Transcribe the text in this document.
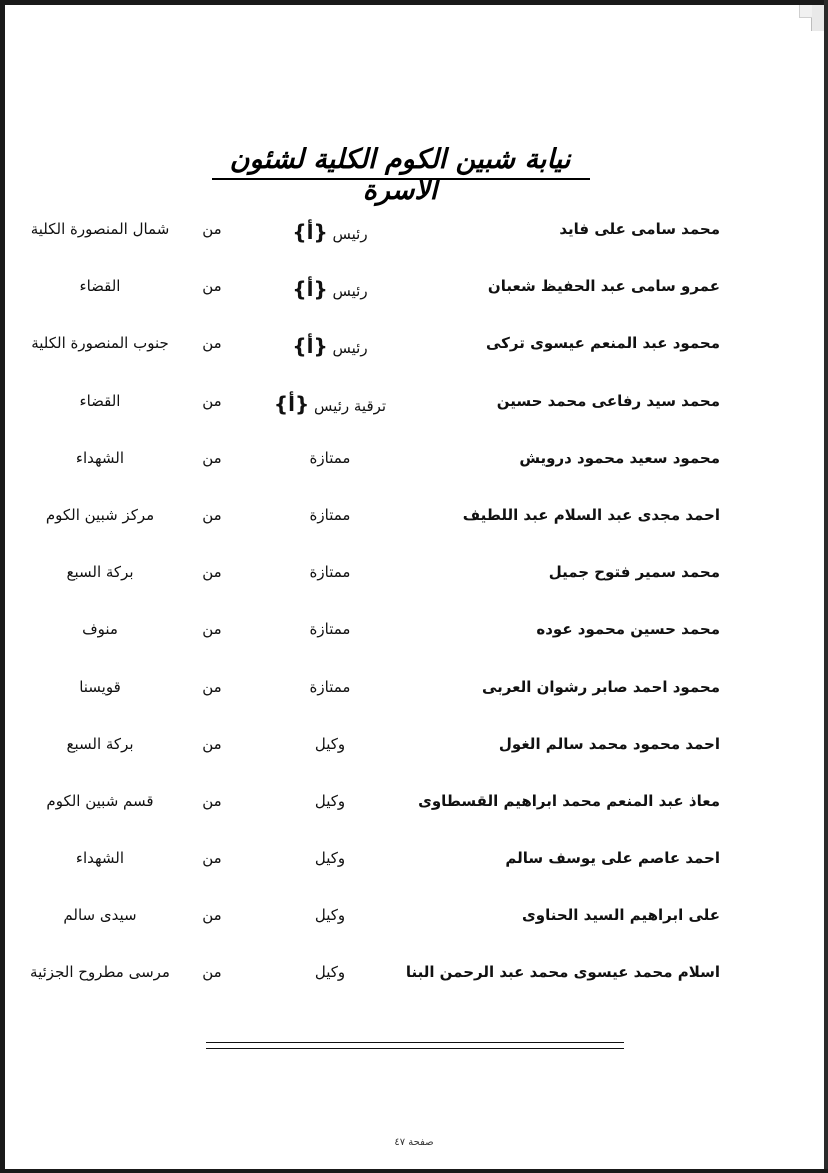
نيابة شبين الكوم الكلية لشئون الاسرة
محمد سامى على فايد
رئيس {أ}
من
شمال المنصورة الكلية
عمرو سامى عبد الحفيظ شعبان
رئيس {أ}
من
القضاء
محمود عبد المنعم عيسوى تركى
رئيس {أ}
من
جنوب المنصورة الكلية
محمد سيد رفاعى محمد حسين
ترقية رئيس {أ}
من
القضاء
محمود سعيد محمود درويش
ممتازة
من
الشهداء
احمد مجدى عبد السلام عبد اللطيف
ممتازة
من
مركز شبين الكوم
محمد سمير فتوح جميل
ممتازة
من
بركة السبع
محمد حسين محمود عوده
ممتازة
من
منوف
محمود احمد صابر رشوان العربى
ممتازة
من
قويسنا
احمد محمود محمد سالم الغول
وكيل
من
بركة السبع
معاذ عبد المنعم محمد ابراهيم القسطاوى
وكيل
من
قسم شبين الكوم
احمد عاصم على يوسف سالم
وكيل
من
الشهداء
على ابراهيم السيد الحناوى
وكيل
من
سيدى سالم
اسلام محمد عيسوى محمد عبد الرحمن البنا
وكيل
من
مرسى مطروح الجزئية
صفحة ٤٧
